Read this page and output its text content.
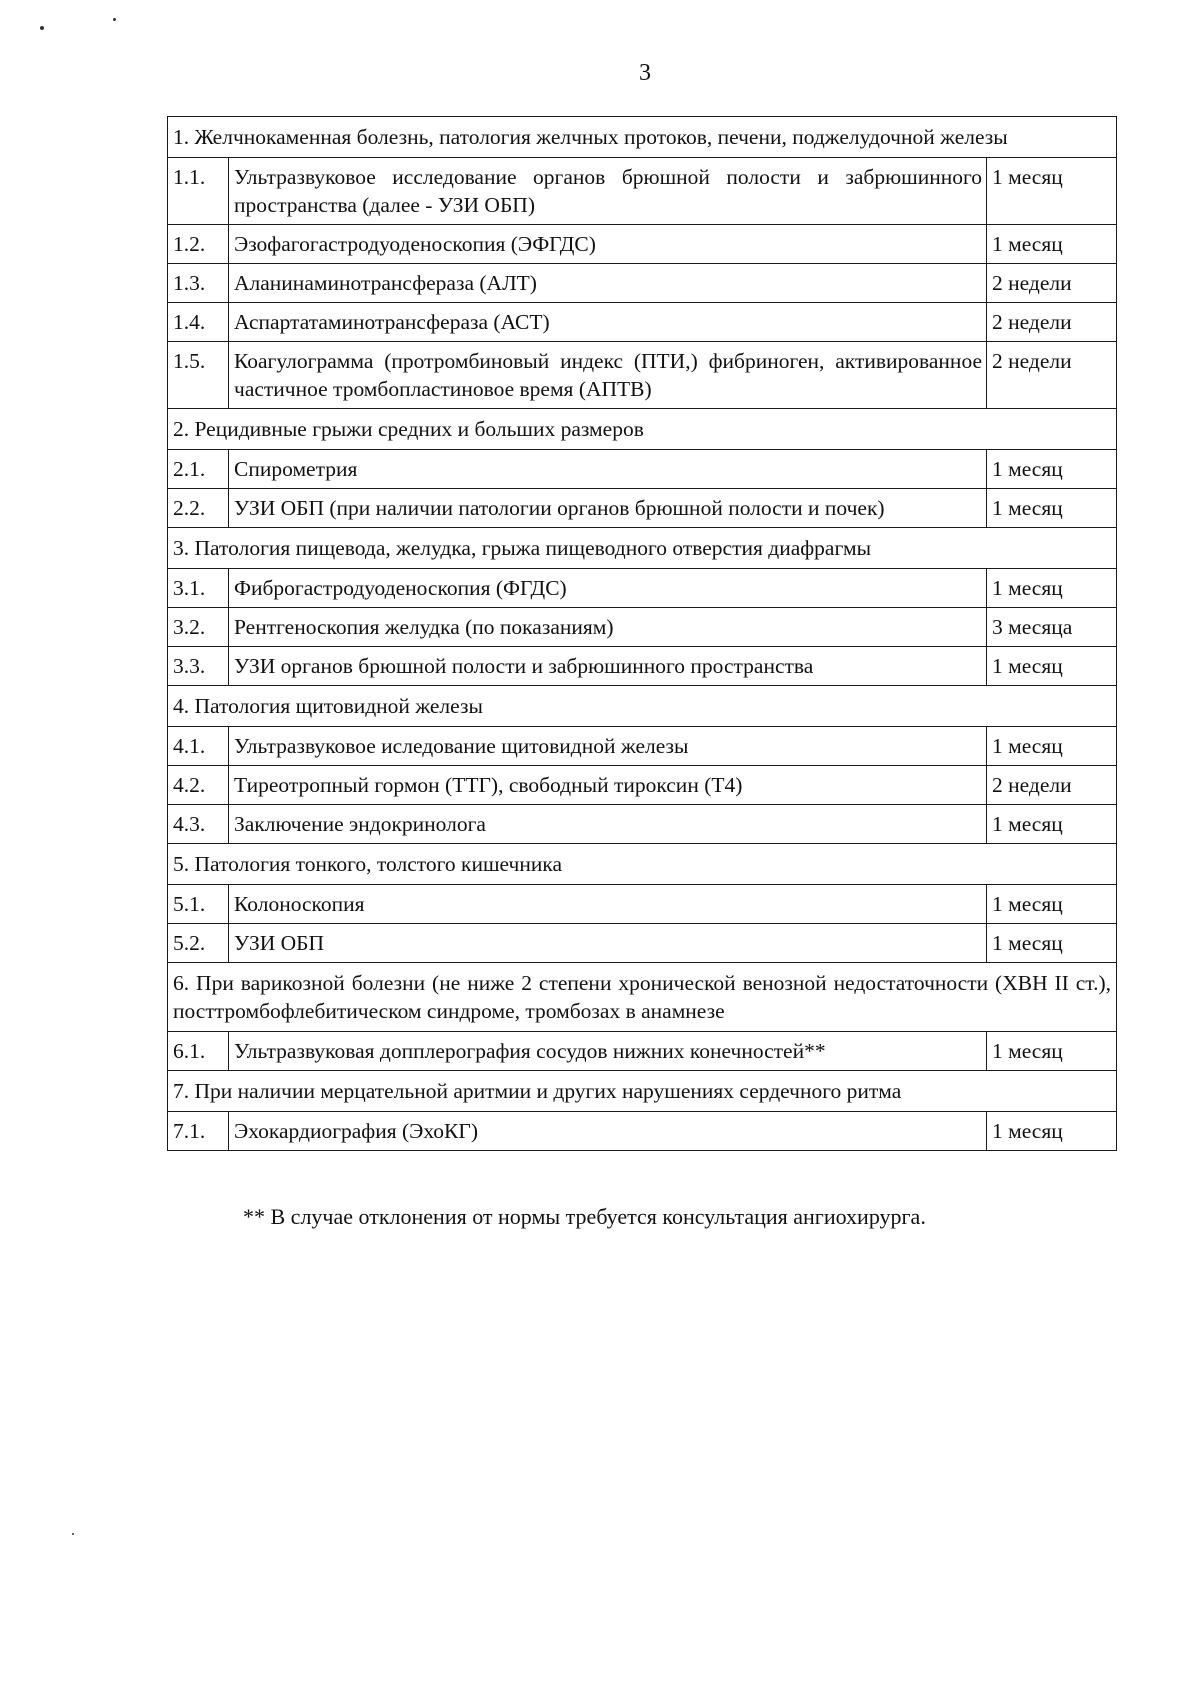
3
1. Желчнокаменная болезнь, патология желчных протоков, печени, поджелудочной железы		
1.1.	Ультразвуковое исследование органов брюшной полости и забрюшинного пространства (далее - УЗИ ОБП)	1 месяц
1.2.	Эзофагогастродуоденоскопия (ЭФГДС)	1 месяц
1.3.	Аланинаминотрансфераза (АЛТ)	2 недели
1.4.	Аспартатаминотрансфераза (АСТ)	2 недели
1.5.	Коагулограмма (протромбиновый индекс (ПТИ,) фибриноген, активированное частичное тромбопластиновое время (АПТВ)	2 недели
2. Рецидивные грыжи средних и больших размеров		
2.1.	Спирометрия	1 месяц
2.2.	УЗИ ОБП (при наличии патологии органов брюшной полости и почек)	1 месяц
3. Патология пищевода, желудка, грыжа пищеводного отверстия диафрагмы		
3.1.	Фиброгастродуоденоскопия (ФГДС)	1 месяц
3.2.	Рентгеноскопия желудка (по показаниям)	3 месяца
3.3.	УЗИ органов брюшной полости и забрюшинного пространства	1 месяц
4. Патология щитовидной железы		
4.1.	Ультразвуковое иследование щитовидной железы	1 месяц
4.2.	Тиреотропный гормон (ТТГ), свободный тироксин (Т4)	2 недели
4.3.	Заключение эндокринолога	1 месяц
5. Патология тонкого, толстого кишечника		
5.1.	Колоноскопия	1 месяц
5.2.	УЗИ ОБП	1 месяц
6. При варикозной болезни (не ниже 2 степени хронической венозной недостаточности (ХВН II ст.), посттромбофлебитическом синдроме, тромбозах в анамнезе		
6.1.	Ультразвуковая допплерография сосудов нижних конечностей**	1 месяц
7. При наличии мерцательной аритмии и других нарушениях сердечного ритма		
7.1.	Эхокардиография (ЭхоКГ)	1 месяц
** В случае отклонения от нормы требуется консультация ангиохирурга.
